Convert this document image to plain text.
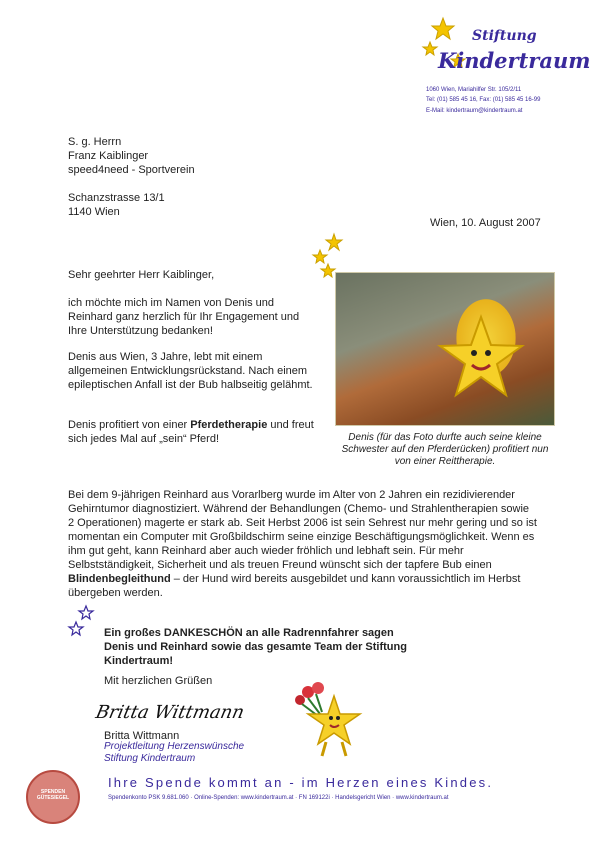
Stiftung
Kindertraum

1060 Wien, Mariahilfer Str. 105/2/11

Tel: (01) 585 45 16, Fax: (01) 585 45 16-99

E-Mail: kindertraum@kindertraum.at

S. g. Herrn

Franz Kaiblinger

speed4need - Sportverein

Schanzstrasse 13/1

1140 Wien

Wien, 10. August 2007

Sehr geehrter Herr Kaiblinger,

ich möchte mich im Namen von Denis und Reinhard ganz herzlich für Ihr Engagement und Ihre Unterstützung bedanken!

Denis aus Wien, 3 Jahre, lebt mit einem allgemeinen Entwicklungsrückstand. Nach einem epileptischen Anfall ist der Bub halbseitig gelähmt.

Denis profitiert von einer Pferdetherapie und freut sich jedes Mal auf „sein“ Pferd!	Denis (für das Foto durfte auch seine kleine Schwester auf den Pferderücken) profitiert nun von einer Reittherapie.

Bei dem 9-jährigen Reinhard aus Vorarlberg wurde im Alter von 2 Jahren ein rezidivierender Gehirntumor diagnostiziert. Während der Behandlungen (Chemo- und Strahlentherapien sowie 2 Operationen) magerte er stark ab. Seit Herbst 2006 ist sein Sehrest nur mehr gering und so ist momentan ein Computer mit Großbildschirm seine einzige Beschäftigungsmöglichkeit. Wenn es ihm gut geht, kann Reinhard aber auch wieder fröhlich und lebhaft sein. Für mehr Selbstständigkeit, Sicherheit und als treuen Freund wünscht sich der tapfere Bub einen Blindenbegleithund – der Hund wird bereits ausgebildet und kann voraussichtlich im Herbst übergeben werden.

Ein großes DANKESCHÖN an alle Radrennfahrer sagen Denis und Reinhard sowie das gesamte Team der Stiftung Kindertraum!

Mit herzlichen Grüßen

Britta Wittmann

Britta Wittmann

Projektleitung Herzenswünsche

Stiftung Kindertraum

SPENDEN GÜTESIEGEL

Ihre Spende kommt an - im Herzen eines Kindes.

Spendenkonto PSK 9.681.060 · Online-Spenden: www.kindertraum.at · FN 169122i · Handelsgericht Wien · www.kindertraum.at
